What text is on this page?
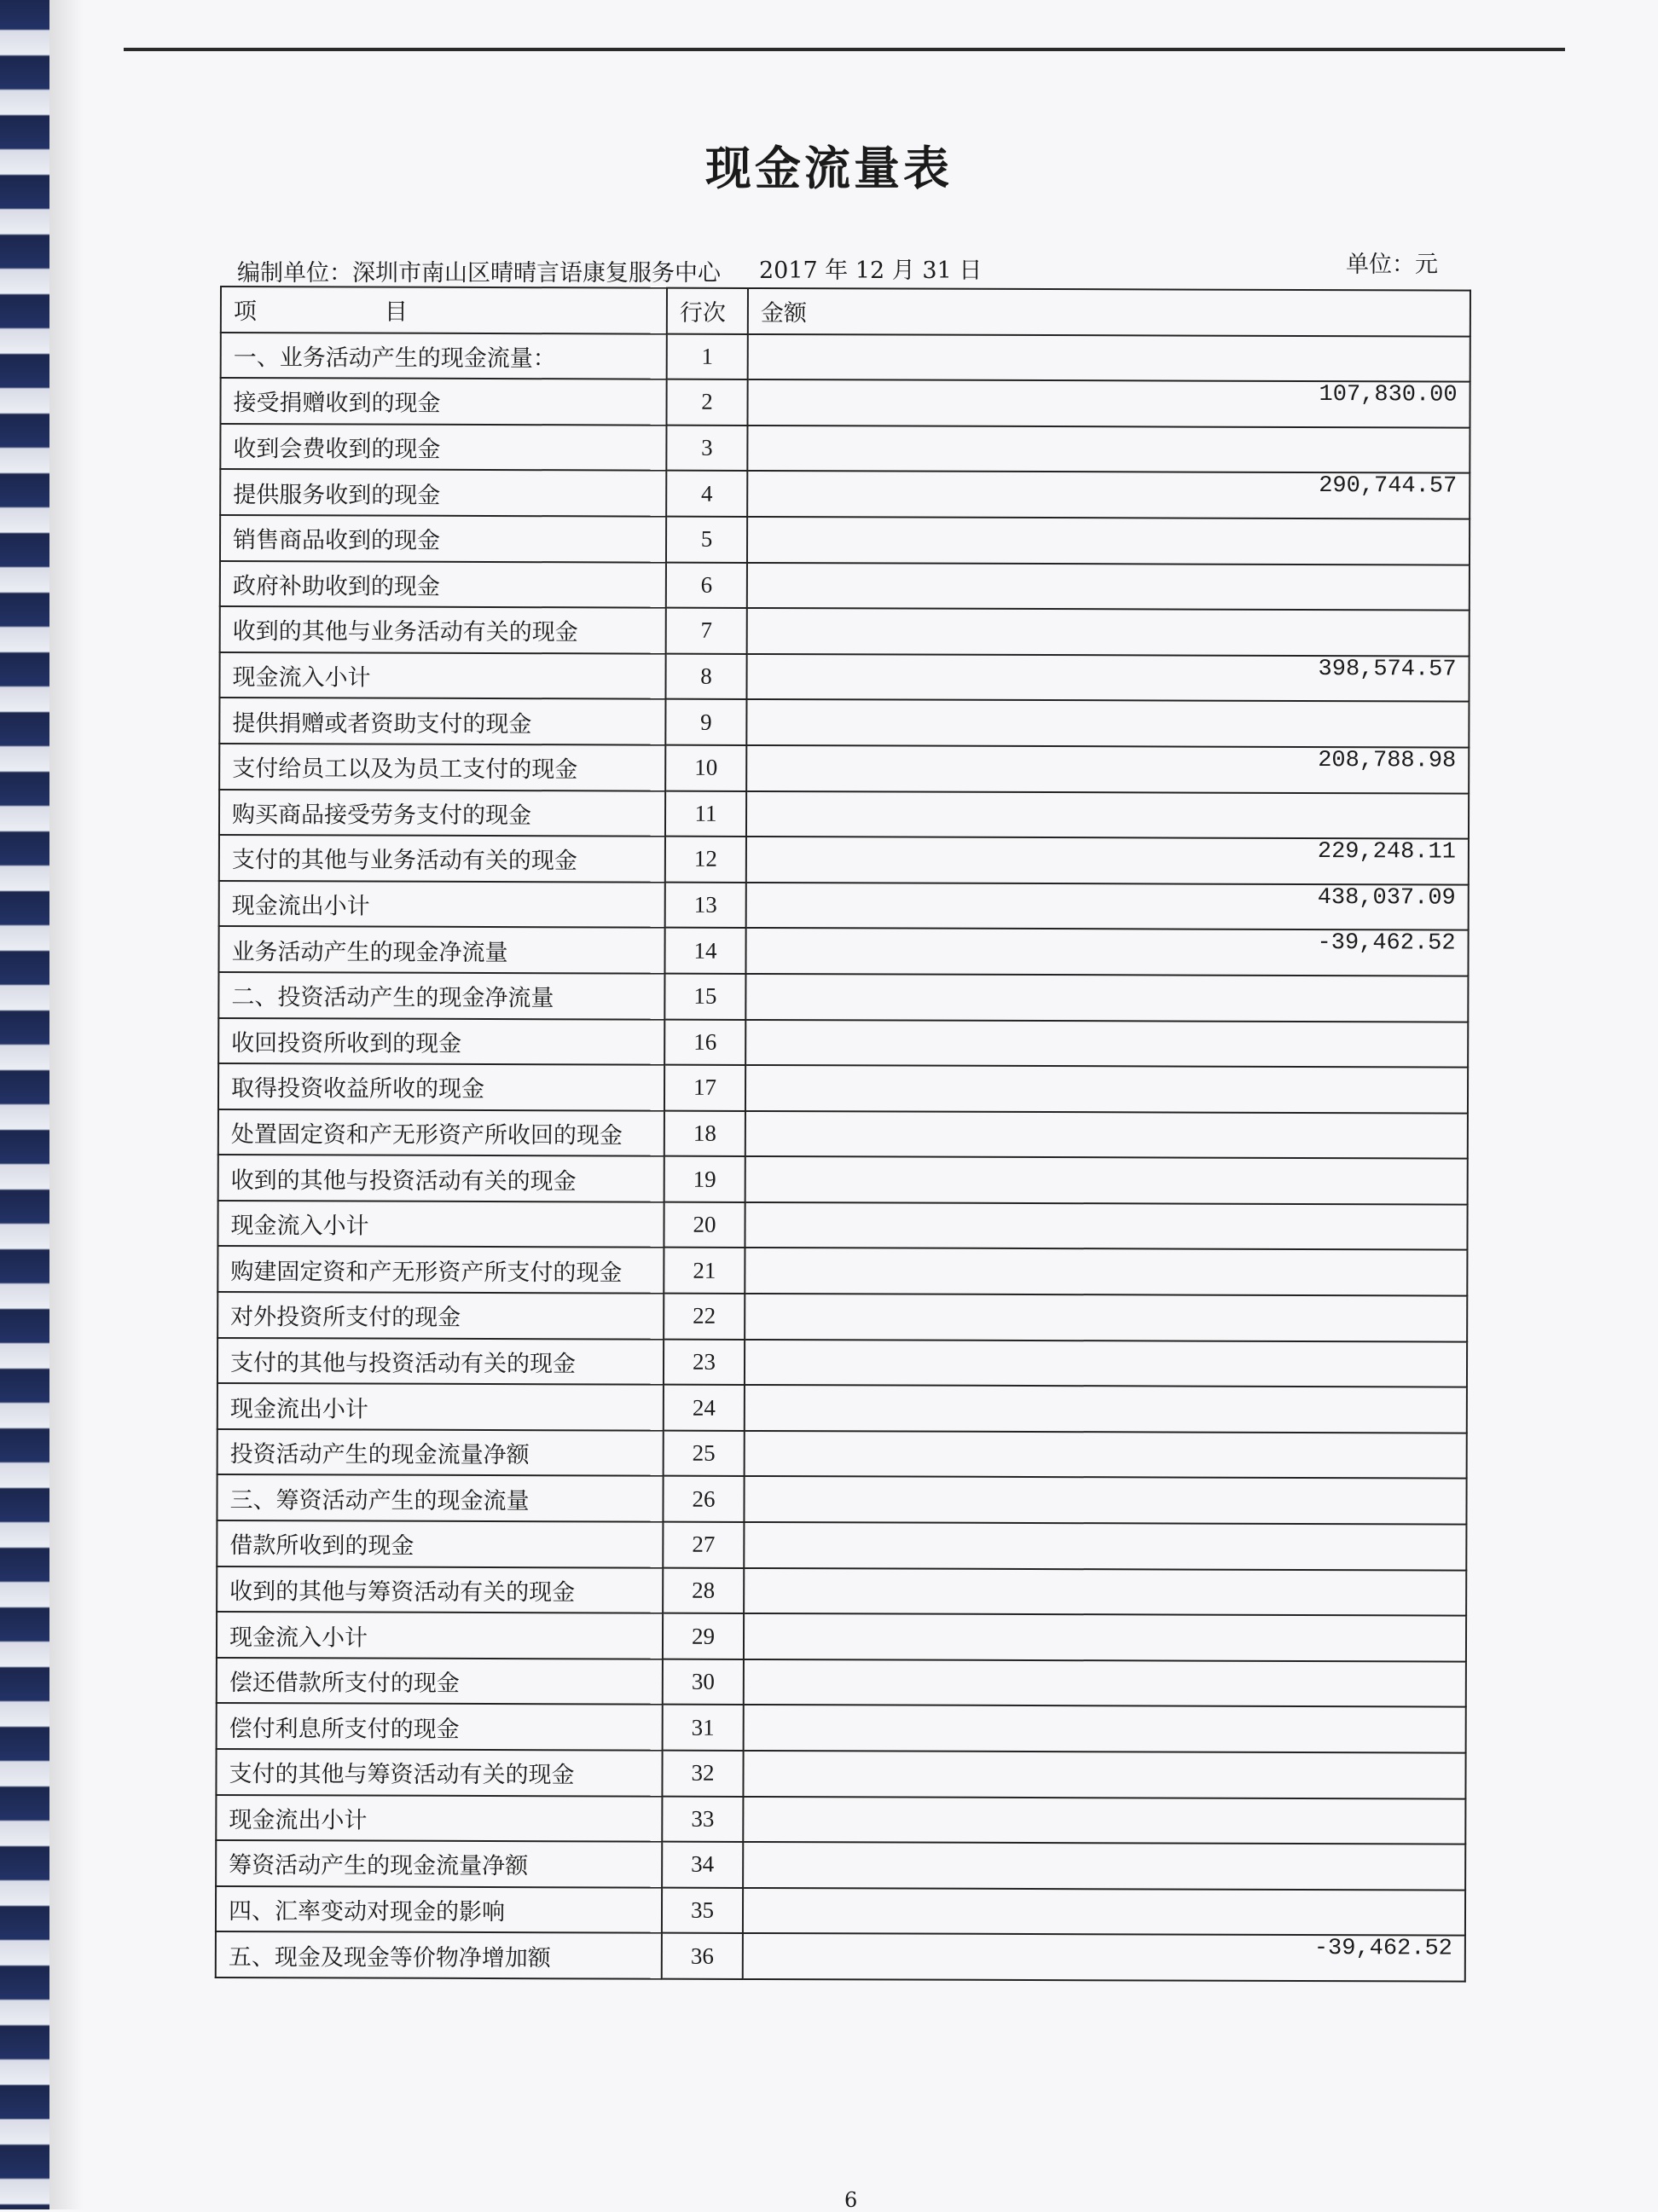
现金流量表
编制单位：深圳市南山区晴晴言语康复服务中心 2017 年 12 月 31 日	单位：元
项 目	行次	金额
一、业务活动产生的现金流量：	1	
接受捐赠收到的现金	2	107,830.00
收到会费收到的现金	3	
提供服务收到的现金	4	290,744.57
销售商品收到的现金	5	
政府补助收到的现金	6	
收到的其他与业务活动有关的现金	7	
现金流入小计	8	398,574.57
提供捐赠或者资助支付的现金	9	
支付给员工以及为员工支付的现金	10	208,788.98
购买商品接受劳务支付的现金	11	
支付的其他与业务活动有关的现金	12	229,248.11
现金流出小计	13	438,037.09
业务活动产生的现金净流量	14	-39,462.52
二、投资活动产生的现金净流量	15	
收回投资所收到的现金	16	
取得投资收益所收的现金	17	
处置固定资和产无形资产所收回的现金	18	
收到的其他与投资活动有关的现金	19	
现金流入小计	20	
购建固定资和产无形资产所支付的现金	21	
对外投资所支付的现金	22	
支付的其他与投资活动有关的现金	23	
现金流出小计	24	
投资活动产生的现金流量净额	25	
三、筹资活动产生的现金流量	26	
借款所收到的现金	27	
收到的其他与筹资活动有关的现金	28	
现金流入小计	29	
偿还借款所支付的现金	30	
偿付利息所支付的现金	31	
支付的其他与筹资活动有关的现金	32	
现金流出小计	33	
筹资活动产生的现金流量净额	34	
四、汇率变动对现金的影响	35	
五、现金及现金等价物净增加额	36	-39,462.52
6
